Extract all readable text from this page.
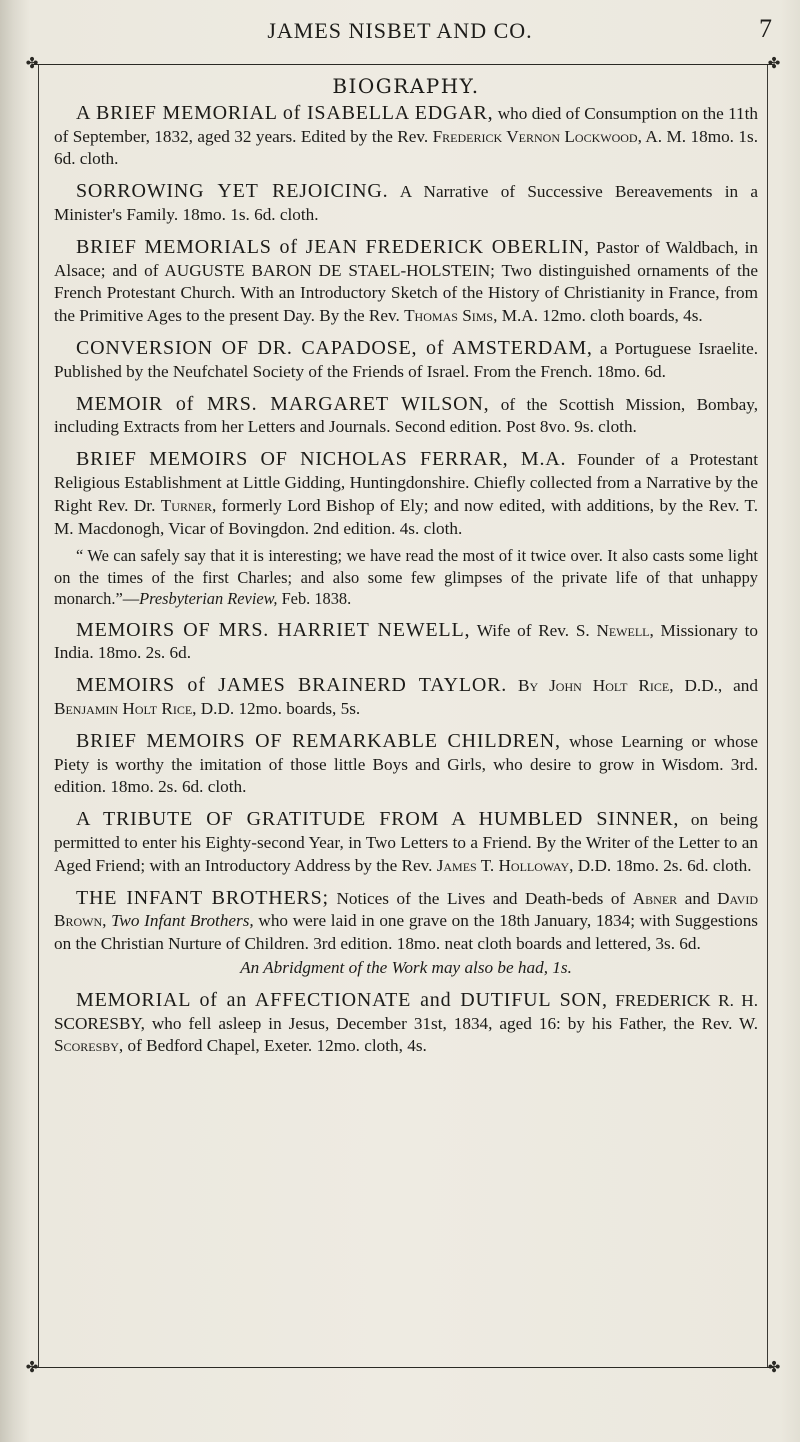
JAMES NISBET AND CO.	7
✤	✤
✤	✤
BIOGRAPHY.

A BRIEF MEMORIAL of ISABELLA EDGAR, who died of Consumption on the 11th of September, 1832, aged 32 years. Edited by the Rev. Frederick Vernon Lockwood, A. M. 18mo. 1s. 6d. cloth.

SORROWING YET REJOICING. A Narrative of Successive Bereavements in a Minister's Family. 18mo. 1s. 6d. cloth.

BRIEF MEMORIALS of JEAN FREDERICK OBERLIN, Pastor of Waldbach, in Alsace; and of AUGUSTE BARON DE STAEL-HOLSTEIN; Two distinguished ornaments of the French Protestant Church. With an Introductory Sketch of the History of Christianity in France, from the Primitive Ages to the present Day. By the Rev. Thomas Sims, M.A. 12mo. cloth boards, 4s.

CONVERSION OF DR. CAPADOSE, of AMSTERDAM, a Portuguese Israelite. Published by the Neufchatel Society of the Friends of Israel. From the French. 18mo. 6d.

MEMOIR of MRS. MARGARET WILSON, of the Scottish Mission, Bombay, including Extracts from her Letters and Journals. Second edition. Post 8vo. 9s. cloth.

BRIEF MEMOIRS OF NICHOLAS FERRAR, M.A. Founder of a Protestant Religious Establishment at Little Gidding, Huntingdonshire. Chiefly collected from a Narrative by the Right Rev. Dr. Turner, formerly Lord Bishop of Ely; and now edited, with additions, by the Rev. T. M. Macdonogh, Vicar of Bovingdon. 2nd edition. 4s. cloth.

“ We can safely say that it is interesting; we have read the most of it twice over. It also casts some light on the times of the first Charles; and also some few glimpses of the private life of that unhappy monarch.”—Presbyterian Review, Feb. 1838.

MEMOIRS OF MRS. HARRIET NEWELL, Wife of Rev. S. Newell, Missionary to India. 18mo. 2s. 6d.

MEMOIRS of JAMES BRAINERD TAYLOR. By John Holt Rice, D.D., and Benjamin Holt Rice, D.D. 12mo. boards, 5s.

BRIEF MEMOIRS OF REMARKABLE CHILDREN, whose Learning or whose Piety is worthy the imitation of those little Boys and Girls, who desire to grow in Wisdom. 3rd. edition. 18mo. 2s. 6d. cloth.

A TRIBUTE OF GRATITUDE FROM A HUMBLED SINNER, on being permitted to enter his Eighty-second Year, in Two Letters to a Friend. By the Writer of the Letter to an Aged Friend; with an Introductory Address by the Rev. James T. Holloway, D.D. 18mo. 2s. 6d. cloth.

THE INFANT BROTHERS; Notices of the Lives and Death-beds of Abner and David Brown, Two Infant Brothers, who were laid in one grave on the 18th January, 1834; with Suggestions on the Christian Nurture of Children. 3rd edition. 18mo. neat cloth boards and lettered, 3s. 6d.

An Abridgment of the Work may also be had, 1s.

MEMORIAL of an AFFECTIONATE and DUTIFUL SON, FREDERICK R. H. SCORESBY, who fell asleep in Jesus, December 31st, 1834, aged 16: by his Father, the Rev. W. Scoresby, of Bedford Chapel, Exeter. 12mo. cloth, 4s.
